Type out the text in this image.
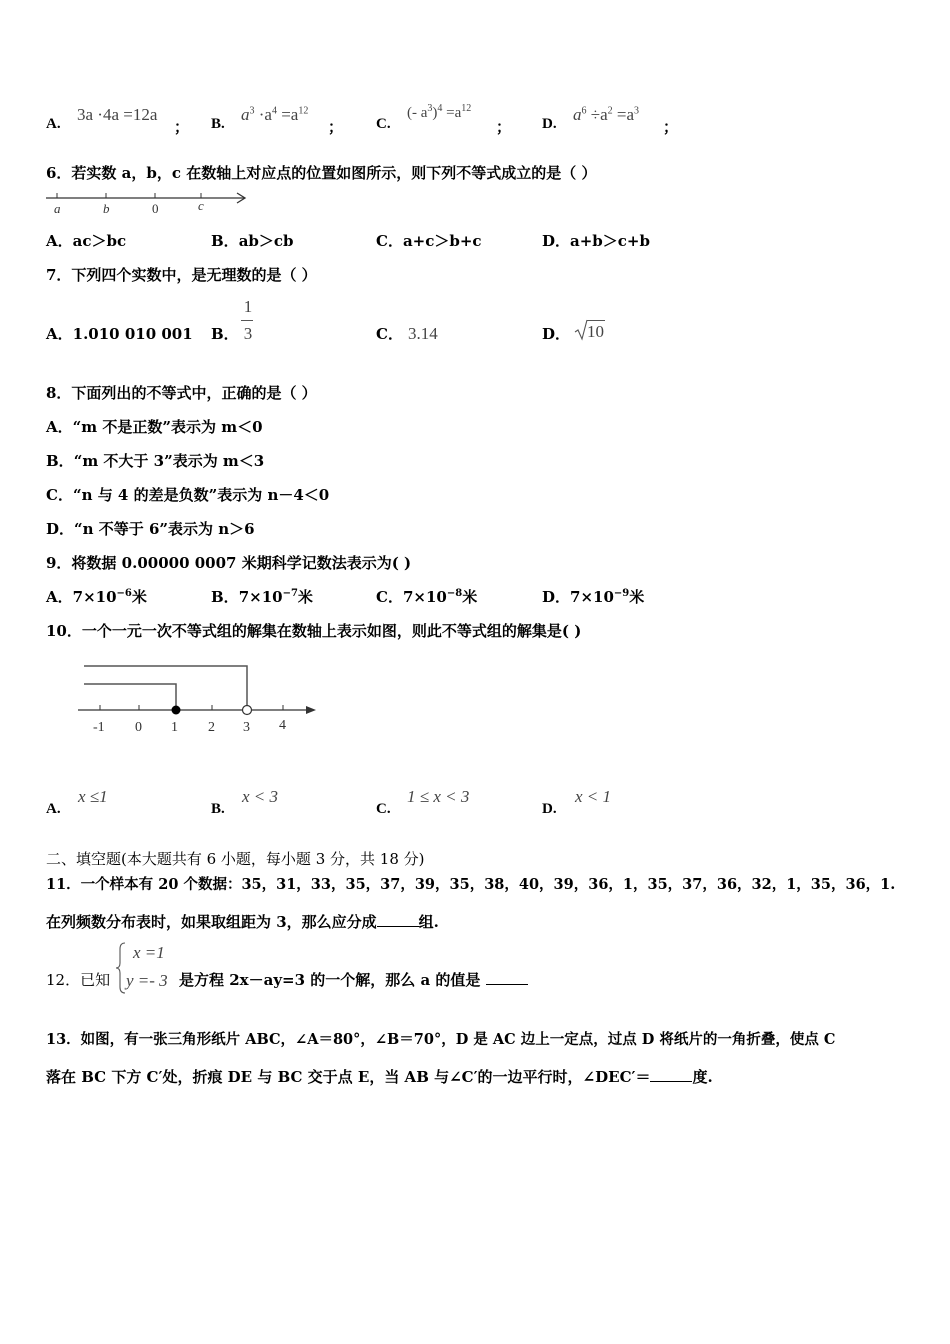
A. 3a ·4a =12a
； B. $a^3 \cdot a^4 =a^{12}$
； C.
(- $a^3)^4 =a^{12}$
； D. $a^6 \div a^2 =a^3$
；
6．若实数 a，b，c 在数轴上对应点的位置如图所示，则下列不等式成立的是（ ）
a	b	0	c
A．ac＞bc	B．ab＞cb	C．a+c＞b+c	D．a+b＞c+b
7．下列四个实数中，是无理数的是（ ）
A．1.010 010 001 B．
1
3	C． 3.14	D． 10
8．下面列出的不等式中，正确的是（ ）
A．“m 不是正数”表示为 m＜0
B．“m 不大于 3”表示为 m＜3
C．“n 与 4 的差是负数”表示为 n－4＜0
D．“n 不等于 6”表示为 n＞6
9．将数据 0.00000 0007 米期科学记数法表示为( )
A．$7\times 10^{-6}$米	B．$7\times 10^{-7}$米	C．$7\times 10^{-8}$米	D．$7\times 10^{-9}$米
10．一个一元一次不等式组的解集在数轴上表示如图，则此不等式组的解集是( )
-1 0 1 2 3 4
A.
x ≤1
B.
x < 3
C.
1 ≤ x < 3
D.
x < 1
二、填空题(本大题共有 6 小题，每小题 3 分，共 18 分)
11．一个样本有 20 个数据：35，31，33，35，37，39，35，38，40，39，36，1，35，37，36，32，1，35，36，1.
在列频数分布表时，如果取组距为 3，那么应分成	组.
12．已知
x =1
y =- 3 是方程 2x－ay=3 的一个解，那么 a 的值是
13．如图，有一张三角形纸片 ABC，∠A＝80°，∠B＝70°，D 是 AC 边上一定点，过点 D 将纸片的一角折叠，使点 C
落在 BC 下方 C′处，折痕 DE 与 BC 交于点 E，当 AB 与∠C′的一边平行时，∠DEC′＝	度.
